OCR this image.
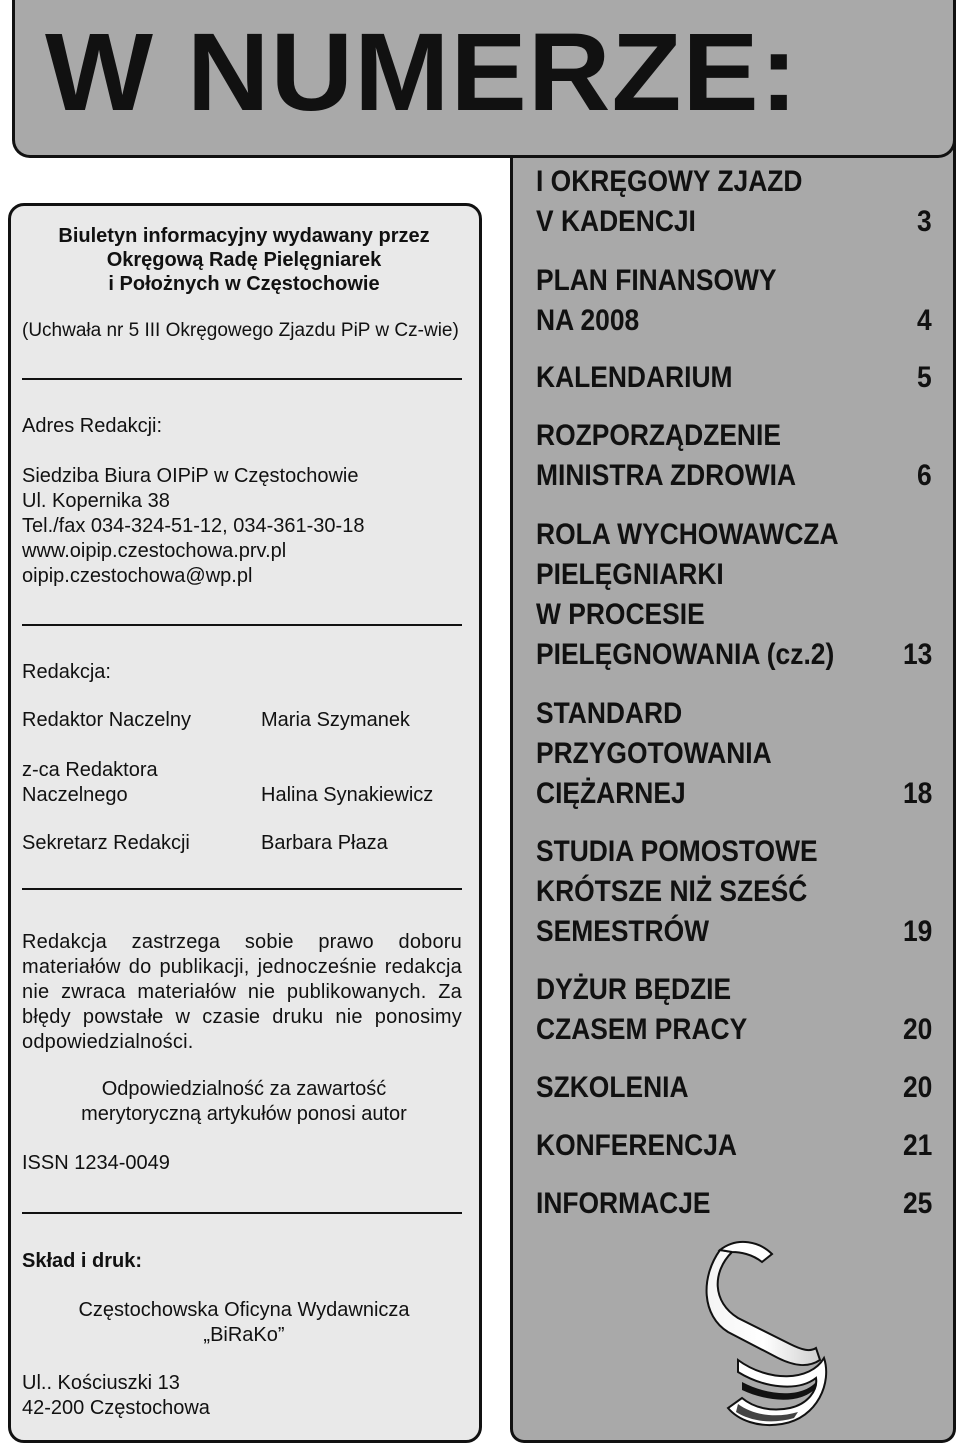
W NUMERZE:
Biuletyn informacyjny wydawany przez
Okręgową Radę Pielęgniarek
i Położnych w Częstochowie
(Uchwała nr 5 III Okręgowego Zjazdu PiP w Cz-wie)
Adres Redakcji:
Siedziba Biura OIPiP w Częstochowie
Ul. Kopernika 38
Tel./fax 034-324-51-12, 034-361-30-18
www.oipip.czestochowa.prv.pl
oipip.czestochowa@wp.pl
Redakcja:
Redaktor Naczelny	Maria Szymanek
z-ca Redaktora
Naczelnego	Halina Synakiewicz
Sekretarz Redakcji	Barbara Płaza
Redakcja zastrzega sobie prawo doboru materiałów do publikacji, jednocześnie redakcja nie zwraca materiałów nie publikowanych. Za błędy powstałe w czasie druku nie ponosimy odpowiedzialności.
Odpowiedzialność za zawartość
merytoryczną artykułów ponosi autor
ISSN 1234-0049
Skład i druk:
Częstochowska Oficyna Wydawnicza
„BiRaKo”
Ul.. Kościuszki 13
42-200 Częstochowa
I OKRĘGOWY ZJAZD
V KADENCJI	3
PLAN FINANSOWY
NA 2008	4
KALENDARIUM	5
ROZPORZĄDZENIE
MINISTRA ZDROWIA	6
ROLA WYCHOWAWCZA
PIELĘGNIARKI
W PROCESIE
PIELĘGNOWANIA (cz.2) 13
STANDARD
PRZYGOTOWANIA
CIĘŻARNEJ	18
STUDIA POMOSTOWE
KRÓTSZE NIŻ SZEŚĆ
SEMESTRÓW	19
DYŻUR BĘDZIE
CZASEM PRACY	20
SZKOLENIA	20
KONFERENCJA	21
INFORMACJE	25
